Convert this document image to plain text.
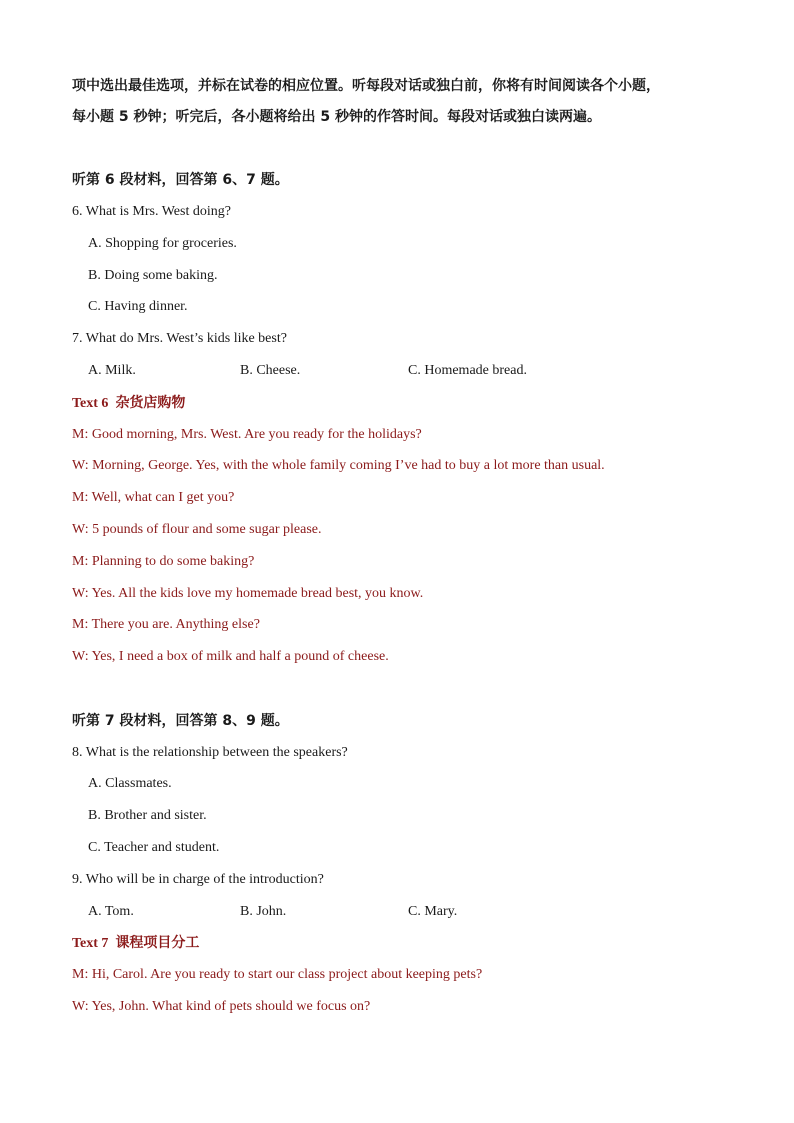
项中选出最佳选项，并标在试卷的相应位置。听每段对话或独白前，你将有时间阅读各个小题，
每小题 5 秒钟；听完后，各小题将给出 5 秒钟的作答时间。每段对话或独白读两遍。
听第 6 段材料，回答第 6、7 题。
6. What is Mrs. West doing?
A. Shopping for groceries.
B. Doing some baking.
C. Having dinner.
7. What do Mrs. West’s kids like best?
A. Milk.	B. Cheese.	C. Homemade bread.
Text 6 杂货店购物
M: Good morning, Mrs. West. Are you ready for the holidays?
W: Morning, George. Yes, with the whole family coming I’ve had to buy a lot more than usual.
M: Well, what can I get you?
W: 5 pounds of flour and some sugar please.
M: Planning to do some baking?
W: Yes. All the kids love my homemade bread best, you know.
M: There you are. Anything else?
W: Yes, I need a box of milk and half a pound of cheese.
听第 7 段材料，回答第 8、9 题。
8. What is the relationship between the speakers?
A. Classmates.
B. Brother and sister.
C. Teacher and student.
9. Who will be in charge of the introduction?
A. Tom.	B. John.	C. Mary.
Text 7 课程项目分工
M: Hi, Carol. Are you ready to start our class project about keeping pets?
W: Yes, John. What kind of pets should we focus on?
